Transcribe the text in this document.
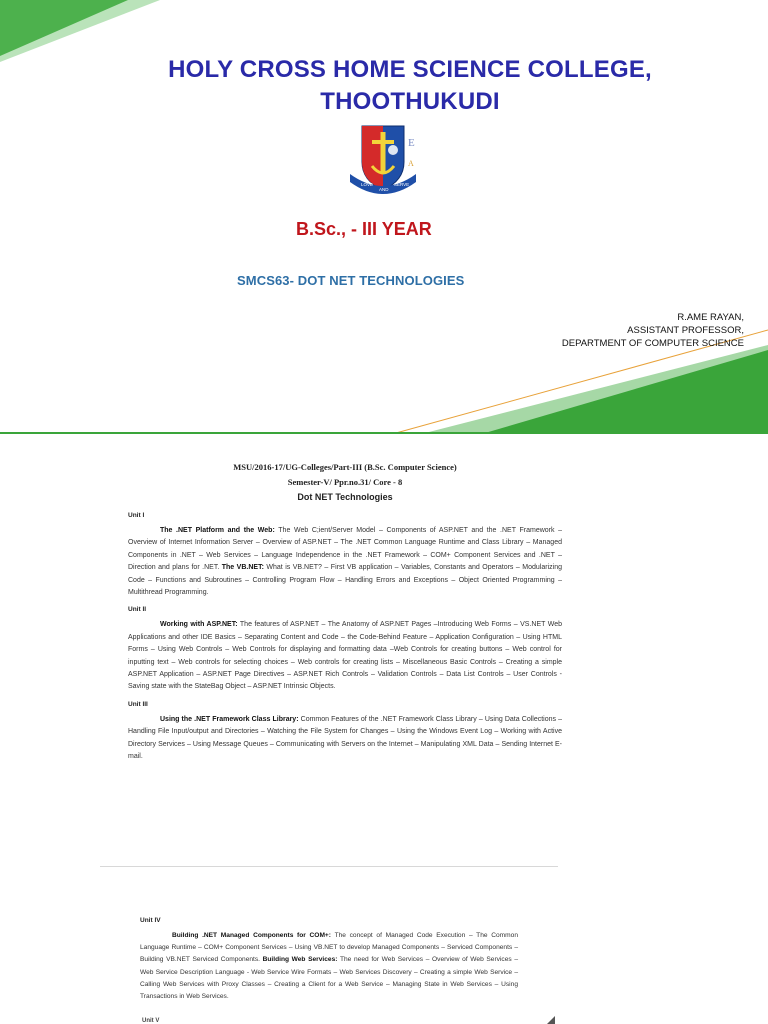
HOLY CROSS HOME SCIENCE COLLEGE,
THOOTHUKUDI
LOVE
AND
SERVE
E
A
B.Sc., - III YEAR
SMCS63- DOT NET TECHNOLOGIES
R.AME RAYAN,
ASSISTANT PROFESSOR,
DEPARTMENT OF COMPUTER SCIENCE
MSU/2016-17/UG-Colleges/Part-III (B.Sc. Computer Science)
Semester-V/ Ppr.no.31/ Core - 8
Dot NET Technologies
Unit I

The .NET Platform and the Web: The Web C;ient/Server Model – Components of ASP.NET and the .NET Framework – Overview of Internet Information Server – Overview of ASP.NET – The .NET Common Language Runtime and Class Library – Managed Components in .NET – Web Services – Language Independence in the .NET Framework – COM+ Component Services and .NET – Direction and plans for .NET. The VB.NET: What is VB.NET? – First VB application – Variables, Constants and Operators – Modularizing Code – Functions and Subroutines – Controlling Program Flow – Handling Errors and Exceptions – Object Oriented Programming – Multithread Programming.

Unit II

Working with ASP.NET: The features of ASP.NET – The Anatomy of ASP.NET Pages –Introducing Web Forms – VS.NET Web Applications and other IDE Basics – Separating Content and Code – the Code-Behind Feature – Application Configuration – Using HTML Forms – Using Web Controls – Web Controls for displaying and formatting data –Web Controls for creating buttons – Web control for inputting text – Web controls for selecting choices – Web controls for creating lists – Miscellaneous Basic Controls – Creating a simple ASP.NET Application – ASP.NET Page Directives – ASP.NET Rich Controls – Validation Controls – Data List Controls – User Controls - Saving state with the StateBag Object – ASP.NET Intrinsic Objects.

Unit III

Using the .NET Framework Class Library: Common Features of the .NET Framework Class Library – Using Data Collections – Handling File Input/output and Directories – Watching the File System for Changes – Using the Windows Event Log – Working with Active Directory Services – Using Message Queues – Communicating with Servers on the Internet – Manipulating XML Data – Sending Internet E-mail.

Unit IV

Building .NET Managed Components for COM+: The concept of Managed Code Execution – The Common Language Runtime – COM+ Component Services – Using VB.NET to develop Managed Components – Serviced Components – Building VB.NET Serviced Components. Building Web Services: The need for Web Services – Overview of Web Services – Web Service Description Language - Web Service Wire Formats – Web Services Discovery – Creating a simple Web Service – Calling Web Services with Proxy Classes – Creating a Client for a Web Service – Managing State in Web Services – Using Transactions in Web Services.

Unit V
